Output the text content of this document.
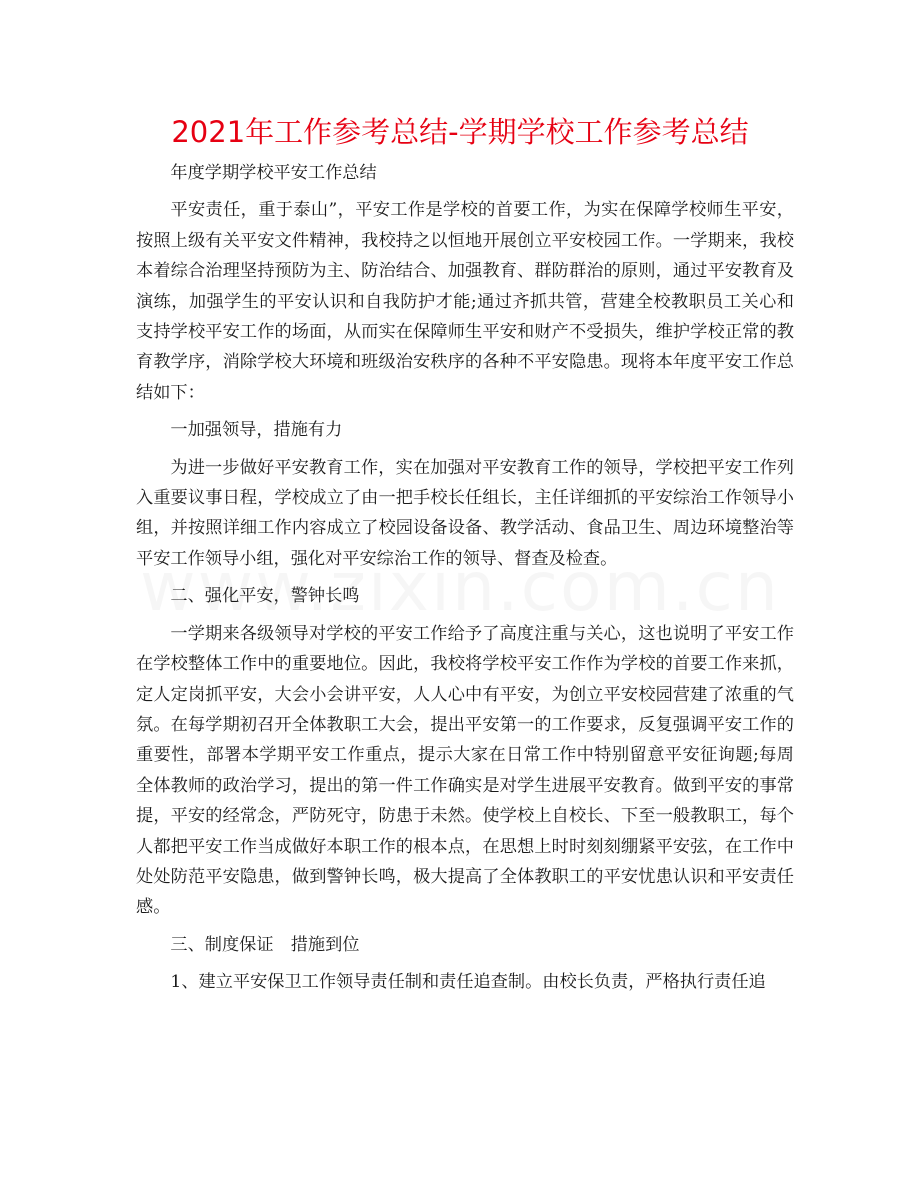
2021年工作参考总结-学期学校工作参考总结

年度学期学校平安工作总结

平安责任，重于泰山”，平安工作是学校的首要工作，为实在保障学校师生平安，按照上级有关平安文件精神，我校持之以恒地开展创立平安校园工作。一学期来，我校本着综合治理坚持预防为主、防治结合、加强教育、群防群治的原则，通过平安教育及演练，加强学生的平安认识和自我防护才能;通过齐抓共管，营建全校教职员工关心和支持学校平安工作的场面，从而实在保障师生平安和财产不受损失，维护学校正常的教育教学序，消除学校大环境和班级治安秩序的各种不平安隐患。现将本年度平安工作总结如下：

一加强领导，措施有力

为进一步做好平安教育工作，实在加强对平安教育工作的领导，学校把平安工作列入重要议事日程，学校成立了由一把手校长任组长，主任详细抓的平安综治工作领导小组，并按照详细工作内容成立了校园设备设备、教学活动、食品卫生、周边环境整治等平安工作领导小组，强化对平安综治工作的领导、督查及检查。

二、强化平安，警钟长鸣

一学期来各级领导对学校的平安工作给予了高度注重与关心，这也说明了平安工作在学校整体工作中的重要地位。因此，我校将学校平安工作作为学校的首要工作来抓，定人定岗抓平安，大会小会讲平安，人人心中有平安，为创立平安校园营建了浓重的气氛。在每学期初召开全体教职工大会，提出平安第一的工作要求，反复强调平安工作的重要性，部署本学期平安工作重点，提示大家在日常工作中特别留意平安征询题;每周全体教师的政治学习，提出的第一件工作确实是对学生进展平安教育。做到平安的事常提，平安的经常念，严防死守，防患于未然。使学校上自校长、下至一般教职工，每个人都把平安工作当成做好本职工作的根本点，在思想上时时刻刻绷紧平安弦，在工作中处处防范平安隐患，做到警钟长鸣，极大提高了全体教职工的平安忧患认识和平安责任感。

三、制度保证　措施到位

1、建立平安保卫工作领导责任制和责任追查制。由校长负责，严格执行责任追
